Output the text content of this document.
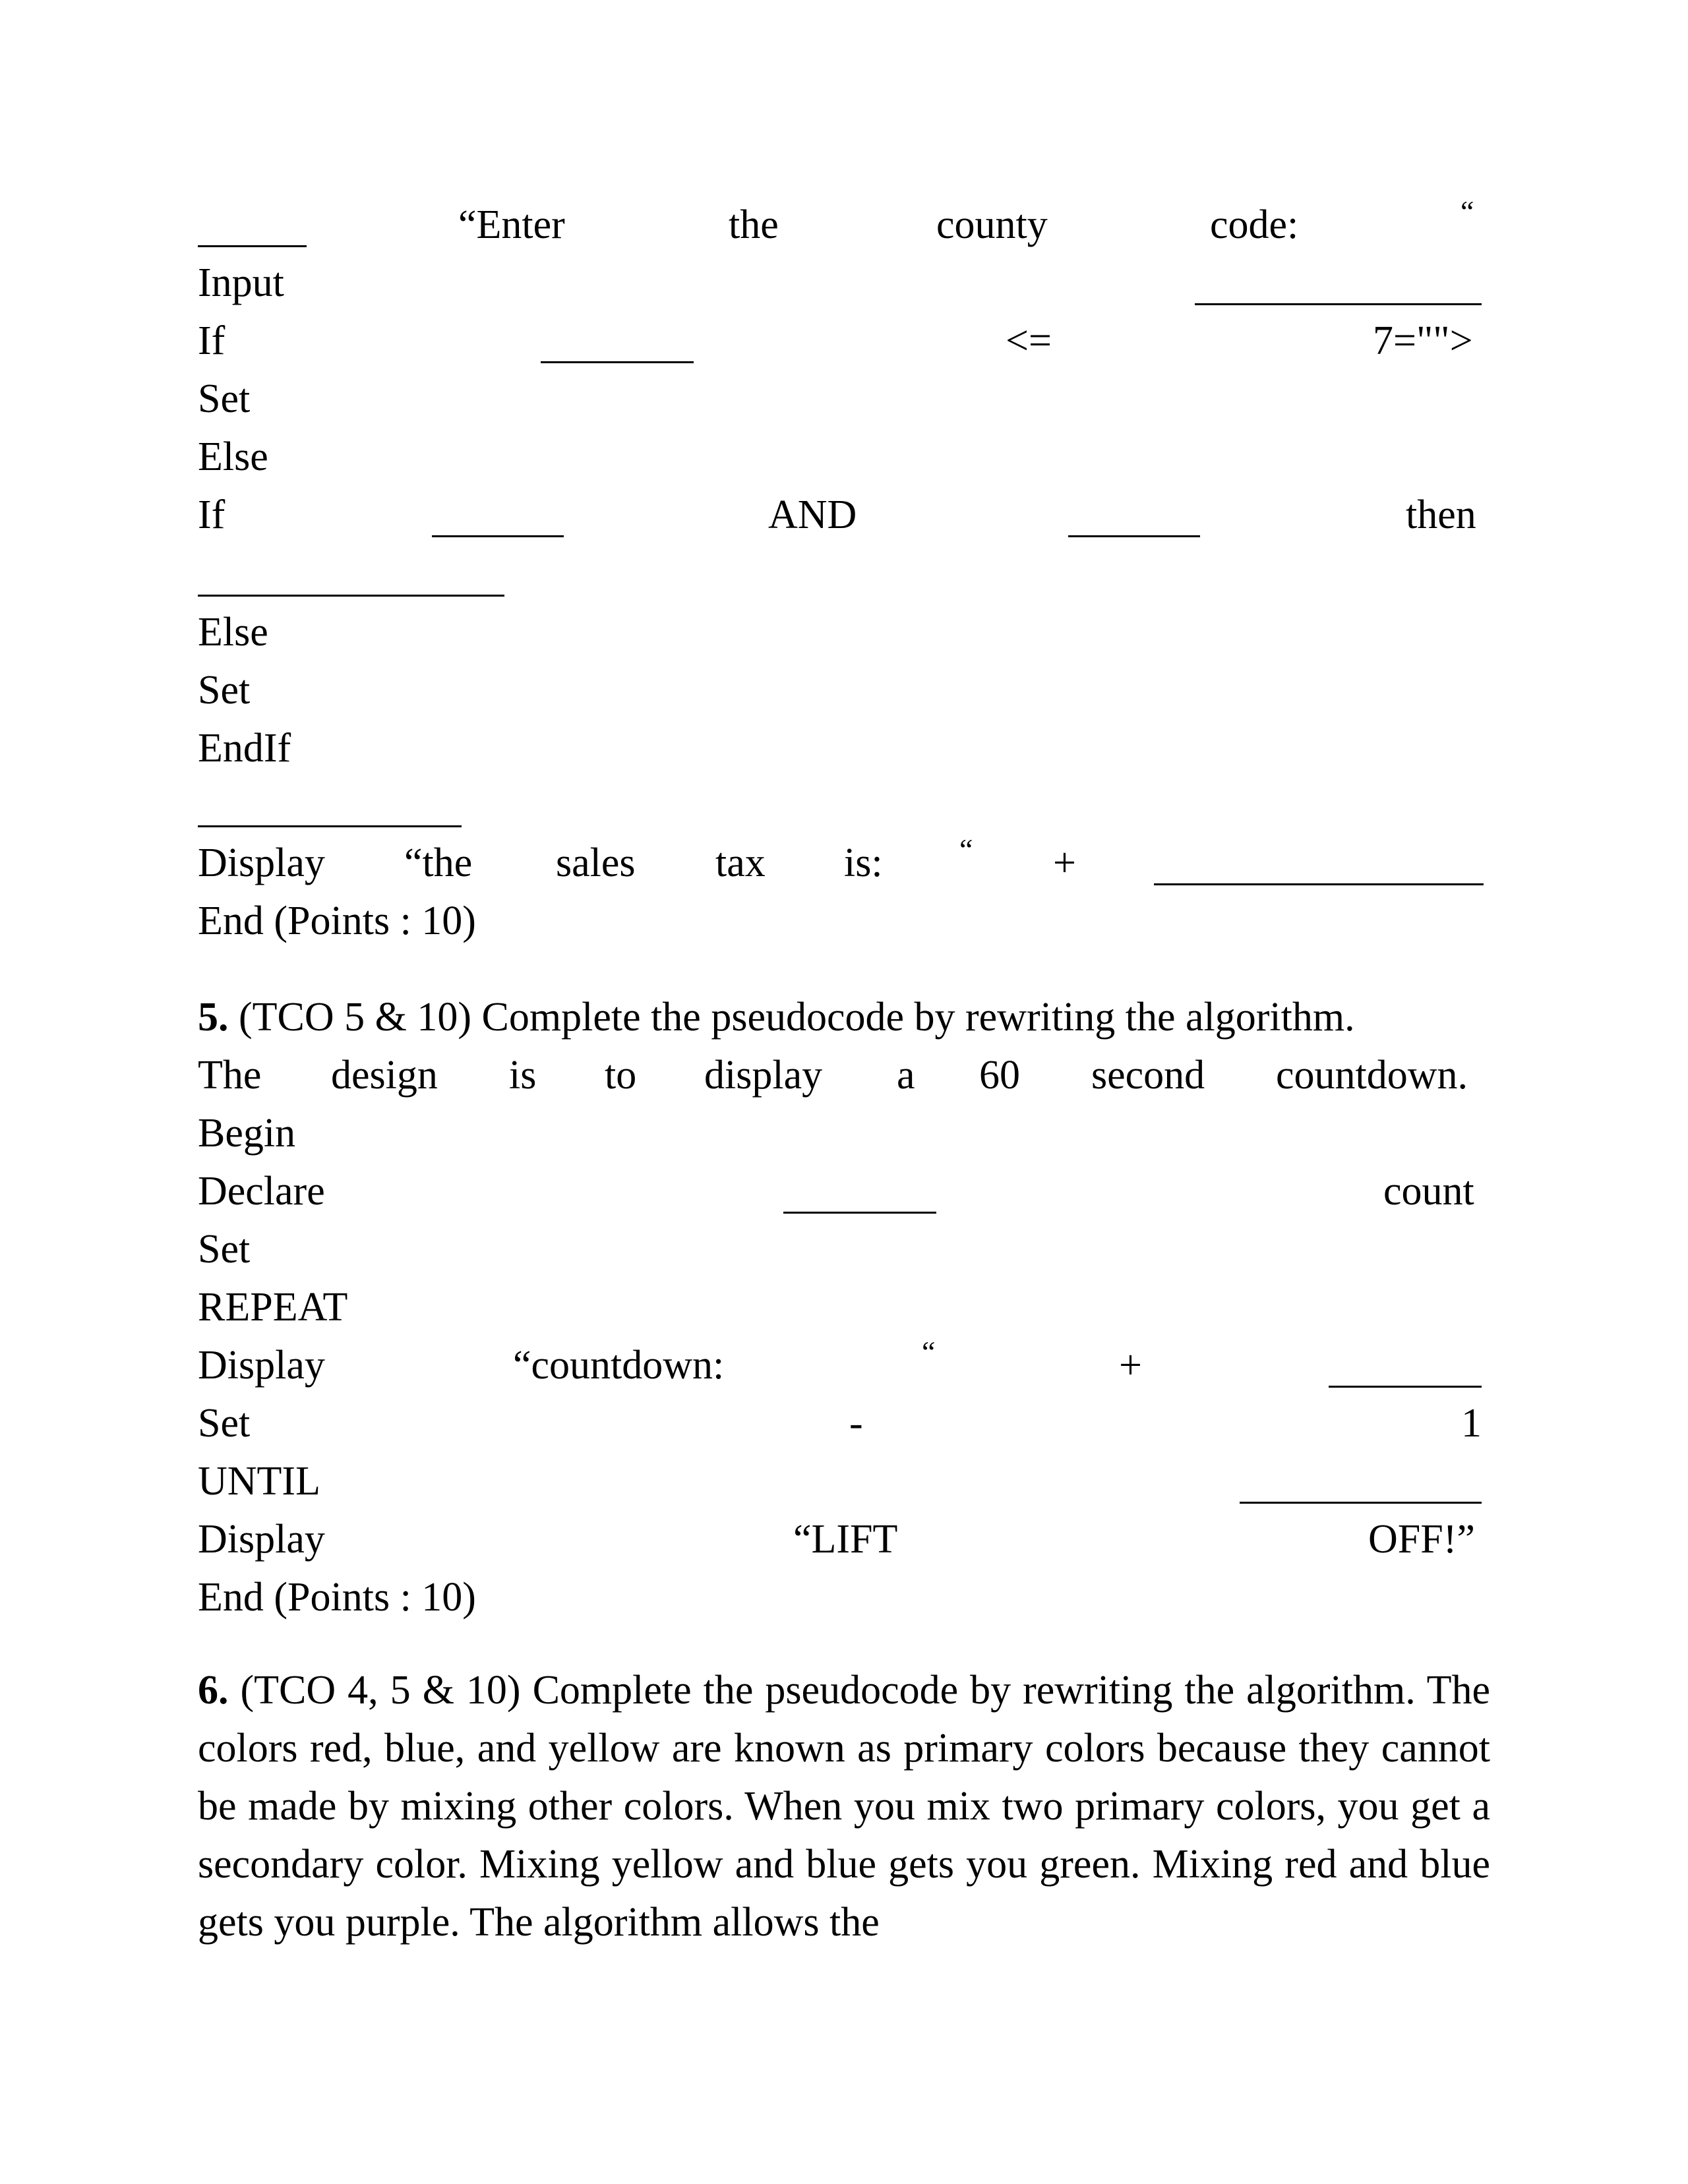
“Enter	the	county	code:	“
Input
If	<=	7="">
Set
Else
If	AND	then
Else
Set
EndIf
Display “the sales tax is:	“ +
End (Points : 10)
5. (TCO 5 & 10) Complete the pseudocode by rewriting the algorithm.
The design is to display a 60 second countdown.
Begin
Declare	count
Set
REPEAT
Display	“countdown:	“	+
Set	-	1
UNTIL
Display	“LIFT	OFF!”
End (Points : 10)
6. (TCO 4, 5 & 10) Complete the pseudocode by rewriting the algorithm. The colors red, blue, and yellow are known as primary colors because they cannot be made by mixing other colors. When you mix two primary colors, you get a secondary color. Mixing yellow and blue gets you green. Mixing red and blue gets you purple. The algorithm allows the
